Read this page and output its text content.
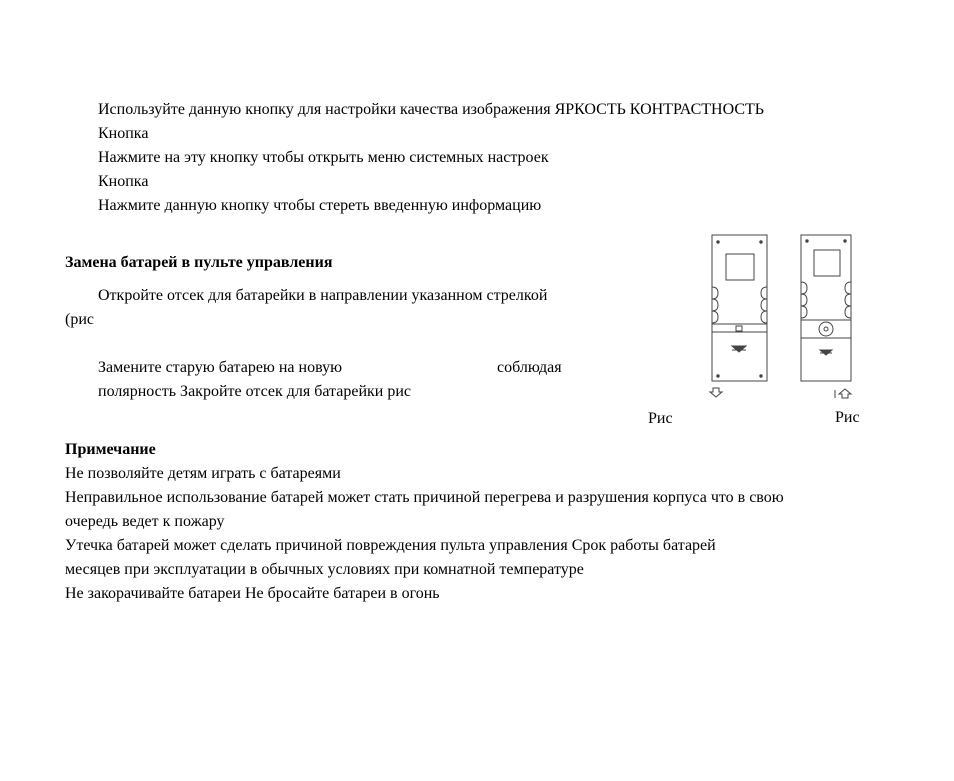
Используйте данную кнопку для настройки качества изображения ЯРКОСТЬ КОНТРАСТНОСТЬ
Кнопка
Нажмите на эту кнопку чтобы открыть меню системных настроек
Кнопка
Нажмите данную кнопку чтобы стереть введенную информацию
Замена батарей в пульте управления
Откройте отсек для батарейки в направлении указанном стрелкой
(рис
Замените старую батарею на новую	соблюдая
полярность Закройте отсек для батарейки рис
Рис	Рис
Примечание
Не позволяйте детям играть с батареями
Неправильное использование батарей может стать причиной перегрева и разрушения корпуса что в свою
очередь ведет к пожару
Утечка батарей может сделать причиной повреждения пульта управления Срок работы батарей
месяцев при эксплуатации в обычных условиях при комнатной температуре
Не закорачивайте батареи Не бросайте батареи в огонь
